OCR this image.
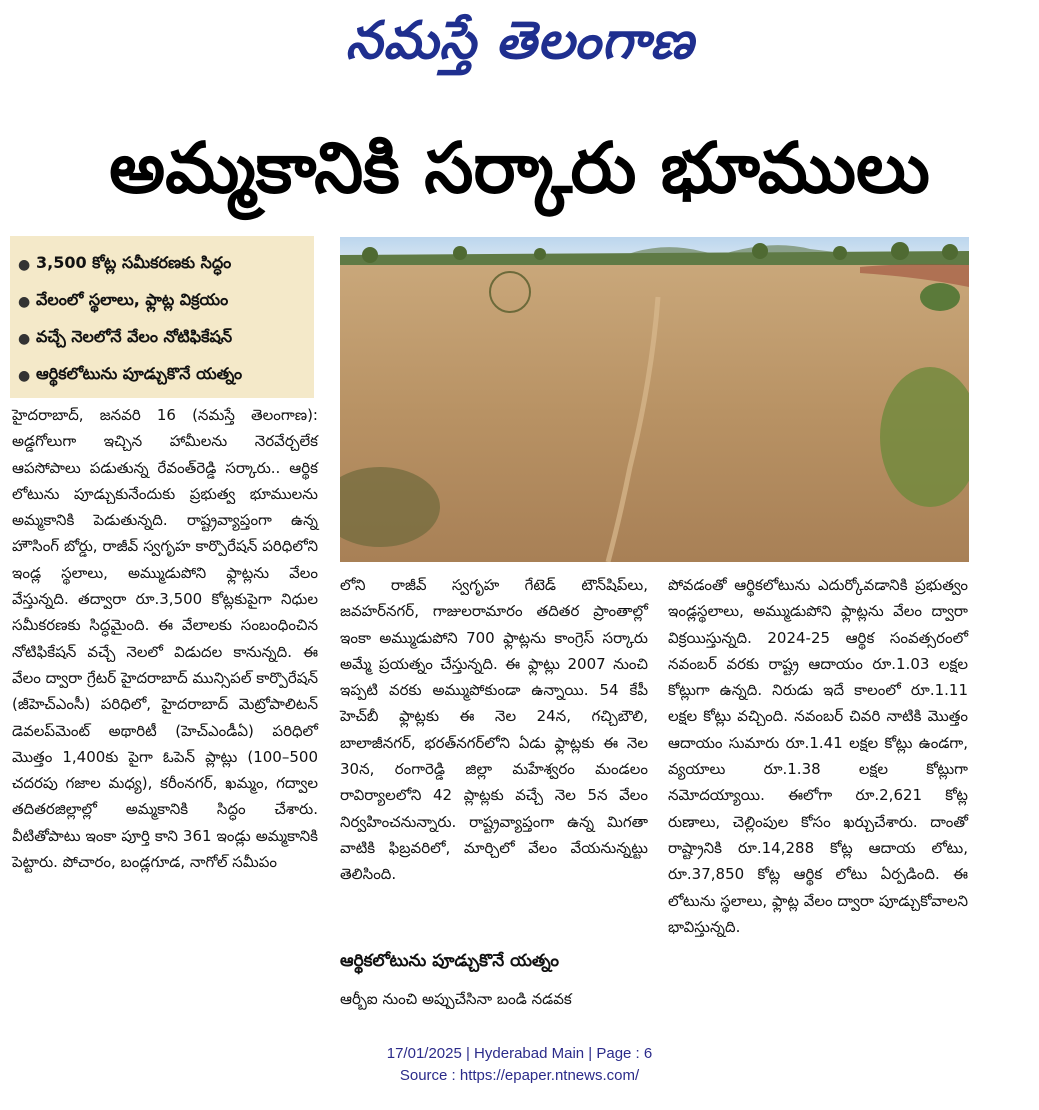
నమస్తే తెలంగాణ
అమ్మకానికి సర్కారు భూములు
● 3,500 కోట్ల సమీకరణకు సిద్ధం
● వేలంలో స్థలాలు, ఫ్లాట్ల విక్రయం
● వచ్చే నెలలోనే వేలం నోటిఫికేషన్
● ఆర్థికలోటును పూడ్చుకొనే యత్నం

హైదరాబాద్, జనవరి 16 (నమస్తే తెలంగాణ): అడ్డగోలుగా ఇచ్చిన హామీలను నెరవేర్చలేక ఆపసోపాలు పడుతున్న రేవంత్‌రెడ్డి సర్కారు.. ఆర్థిక లోటును పూడ్చుకునేందుకు ప్రభుత్వ భూములను అమ్మకానికి పెడుతున్నది. రాష్ట్రవ్యాప్తంగా ఉన్న హౌసింగ్ బోర్డు, రాజీవ్ స్వగృహ కార్పొరేషన్ పరిధిలోని ఇండ్ల స్థలాలు, అమ్ముడుపోని ఫ్లాట్లను వేలం వేస్తున్నది. తద్వారా రూ.3,500 కోట్లకుపైగా నిధుల సమీకరణకు సిద్ధమైంది. ఈ వేలాలకు సంబంధించిన నోటిఫికేషన్ వచ్చే నెలలో విడుదల కానున్నది. ఈ వేలం ద్వారా గ్రేటర్ హైదరాబాద్ మున్సిపల్ కార్పొరేషన్ (జీహెచ్‌ఎంసీ) పరిధిలో, హైదరాబాద్ మెట్రోపాలిటన్ డెవలప్‌మెంట్ అథారిటీ (హెచ్‌ఎండీఏ) పరిధిలో మొత్తం 1,400కు పైగా ఓపెన్ ప్లాట్లు (100–500 చదరపు గజాల మధ్య), కరీంనగర్, ఖమ్మం, గద్వాల తదితరజిల్లాల్లో అమ్మకానికి సిద్ధం చేశారు. వీటితోపాటు ఇంకా పూర్తి కాని 361 ఇండ్లు అమ్మకానికి పెట్టారు. పోచారం, బండ్లగూడ, నాగోల్ సమీపం

లోని రాజీవ్ స్వగృహ గేటెడ్ టౌన్‌షిప్‌లు, జవహర్‌నగర్, గాజులరామారం తదితర ప్రాంతాల్లో ఇంకా అమ్ముడుపోని 700 ఫ్లాట్లను కాంగ్రెస్ సర్కారు అమ్మే ప్రయత్నం చేస్తున్నది. ఈ ఫ్లాట్లు 2007 నుంచి ఇప్పటి వరకు అమ్ముపోకుండా ఉన్నాయి. 54 కేపీ హెచ్‌బీ ఫ్లాట్లకు ఈ నెల 24న, గచ్చిబౌలి, బాలాజీనగర్, భరత్‌నగర్‌లోని ఏడు ఫ్లాట్లకు ఈ నెల 30న, రంగారెడ్డి జిల్లా మహేశ్వరం మండలం రావిర్యాలలోని 42 ప్లాట్లకు వచ్చే నెల 5న వేలం నిర్వహించనున్నారు. రాష్ట్రవ్యాప్తంగా ఉన్న మిగతా వాటికి ఫిబ్రవరిలో, మార్చిలో వేలం వేయనున్నట్టు తెలిసింది.

ఆర్థికలోటును పూడ్చుకొనే యత్నం

ఆర్బీఐ నుంచి అప్పుచేసినా బండి నడవక

పోవడంతో ఆర్థికలోటును ఎదుర్కోవడానికి ప్రభుత్వం ఇండ్లస్థలాలు, అమ్ముడుపోని ఫ్లాట్లను వేలం ద్వారా విక్రయిస్తున్నది. 2024-25 ఆర్థిక సంవత్సరంలో నవంబర్ వరకు రాష్ట్ర ఆదాయం రూ.1.03 లక్షల కోట్లుగా ఉన్నది. నిరుడు ఇదే కాలంలో రూ.1.11 లక్షల కోట్లు వచ్చింది. నవంబర్ చివరి నాటికి మొత్తం ఆదాయం సుమారు రూ.1.41 లక్షల కోట్లు ఉండగా, వ్యయాలు రూ.1.38 లక్షల కోట్లుగా నమోదయ్యాయి. ఈలోగా రూ.2,621 కోట్ల రుణాలు, చెల్లింపుల కోసం ఖర్చుచేశారు. దాంతో రాష్ట్రానికి రూ.14,288 కోట్ల ఆదాయ లోటు, రూ.37,850 కోట్ల ఆర్థిక లోటు ఏర్పడింది. ఈ లోటును స్థలాలు, ఫ్లాట్ల వేలం ద్వారా పూడ్చుకోవాలని భావిస్తున్నది.

17/01/2025 | Hyderabad Main | Page : 6
Source : https://epaper.ntnews.com/
